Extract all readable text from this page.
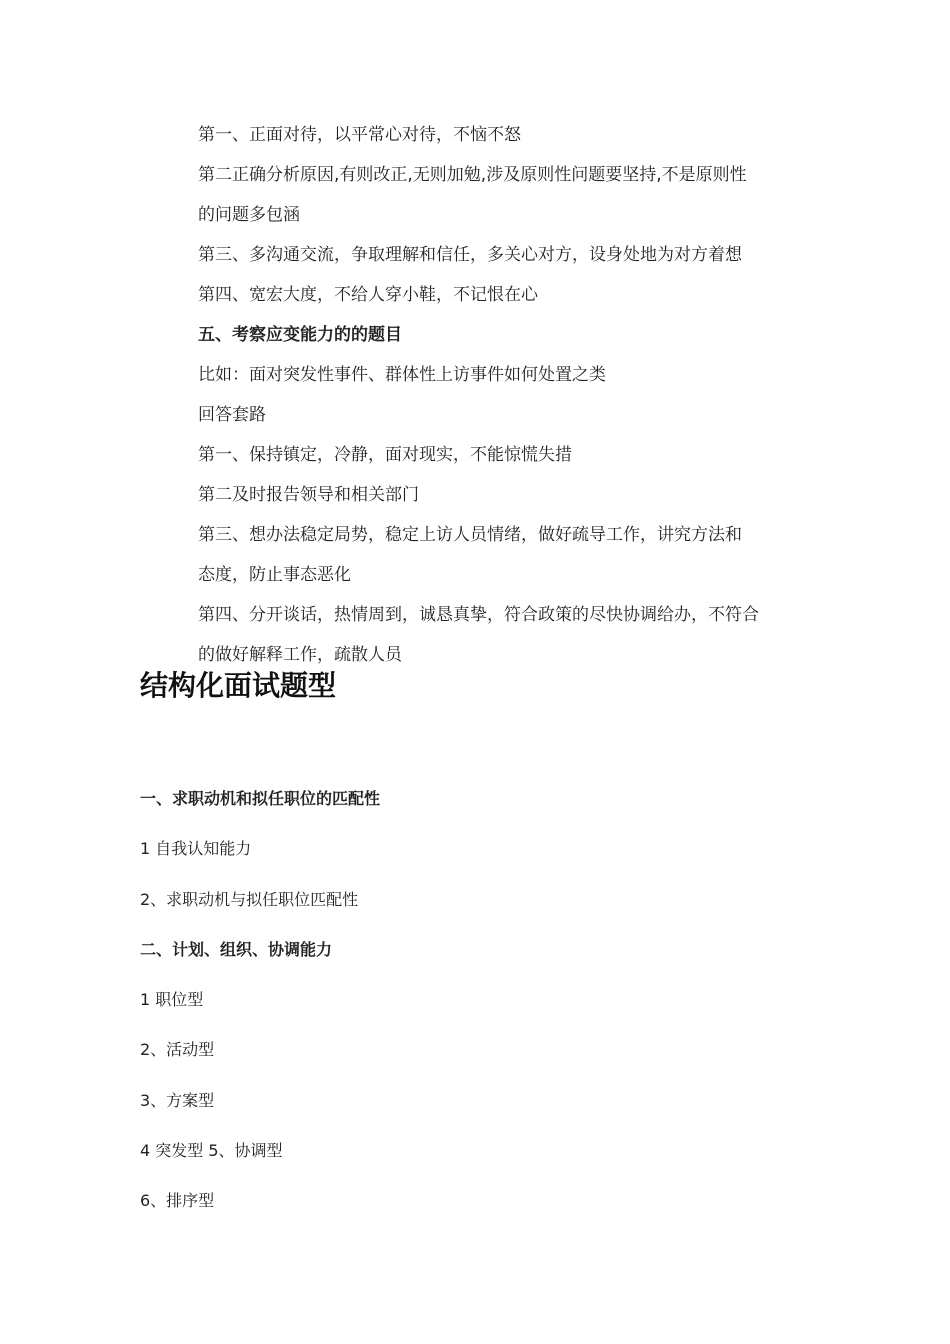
第一、正面对待，以平常心对待，不恼不怒

第二正确分析原因,有则改正,无则加勉,涉及原则性问题要坚持,不是原则性

的问题多包涵

第三、多沟通交流，争取理解和信任，多关心对方，设身处地为对方着想

第四、宽宏大度，不给人穿小鞋，不记恨在心

五、考察应变能力的的题目

比如：面对突发性事件、群体性上访事件如何处置之类

回答套路

第一、保持镇定，冷静，面对现实，不能惊慌失措

第二及时报告领导和相关部门

第三、想办法稳定局势，稳定上访人员情绪，做好疏导工作，讲究方法和

态度，防止事态恶化

第四、分开谈话，热情周到，诚恳真挚，符合政策的尽快协调给办，不符合

的做好解释工作，疏散人员

结构化面试题型

一、求职动机和拟任职位的匹配性

1 自我认知能力

2、求职动机与拟任职位匹配性

二、计划、组织、协调能力

1 职位型

2、活动型

3、方案型

4 突发型 5、协调型

6、排序型
